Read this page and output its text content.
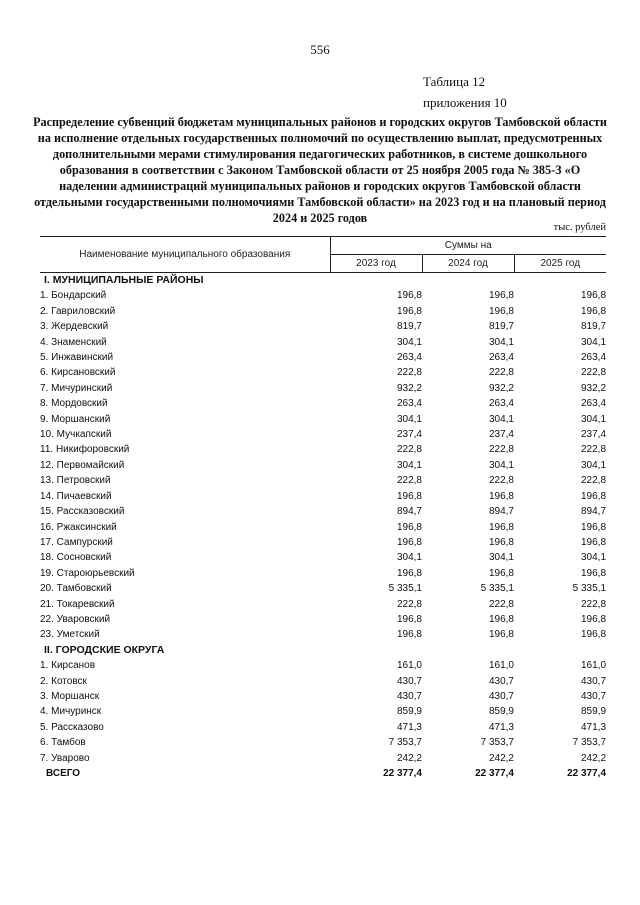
556
Таблица 12
приложения 10
Распределение субвенций бюджетам муниципальных районов и городских округов Тамбовской области на исполнение отдельных государственных полномочий по осуществлению выплат, предусмотренных дополнительными мерами стимулирования педагогических работников, в системе дошкольного образования в соответствии с Законом Тамбовской области от 25 ноября 2005 года № 385-З «О наделении администраций муниципальных районов и городских округов Тамбовской области отдельными государственными полномочиями Тамбовской области» на 2023 год и на плановый период 2024 и 2025 годов
тыс. рублей
Наименование муниципального образования	Суммы на		
	2023 год	2024 год	2025 год
I. МУНИЦИПАЛЬНЫЕ РАЙОНЫ			
1. Бондарский	196,8	196,8	196,8
2. Гавриловский	196,8	196,8	196,8
3. Жердевский	819,7	819,7	819,7
4. Знаменский	304,1	304,1	304,1
5. Инжавинский	263,4	263,4	263,4
6. Кирсановский	222,8	222,8	222,8
7. Мичуринский	932,2	932,2	932,2
8. Мордовский	263,4	263,4	263,4
9. Моршанский	304,1	304,1	304,1
10. Мучкапский	237,4	237,4	237,4
11. Никифоровский	222,8	222,8	222,8
12. Первомайский	304,1	304,1	304,1
13. Петровский	222,8	222,8	222,8
14. Пичаевский	196,8	196,8	196,8
15. Рассказовский	894,7	894,7	894,7
16. Ржаксинский	196,8	196,8	196,8
17. Сампурский	196,8	196,8	196,8
18. Сосновский	304,1	304,1	304,1
19. Староюрьевский	196,8	196,8	196,8
20. Тамбовский	5 335,1	5 335,1	5 335,1
21. Токаревский	222,8	222,8	222,8
22. Уваровский	196,8	196,8	196,8
23. Уметский	196,8	196,8	196,8
II. ГОРОДСКИЕ ОКРУГА			
1. Кирсанов	161,0	161,0	161,0
2. Котовск	430,7	430,7	430,7
3. Моршанск	430,7	430,7	430,7
4. Мичуринск	859,9	859,9	859,9
5. Рассказово	471,3	471,3	471,3
6. Тамбов	7 353,7	7 353,7	7 353,7
7. Уварово	242,2	242,2	242,2
ВСЕГО	22 377,4	22 377,4	22 377,4
